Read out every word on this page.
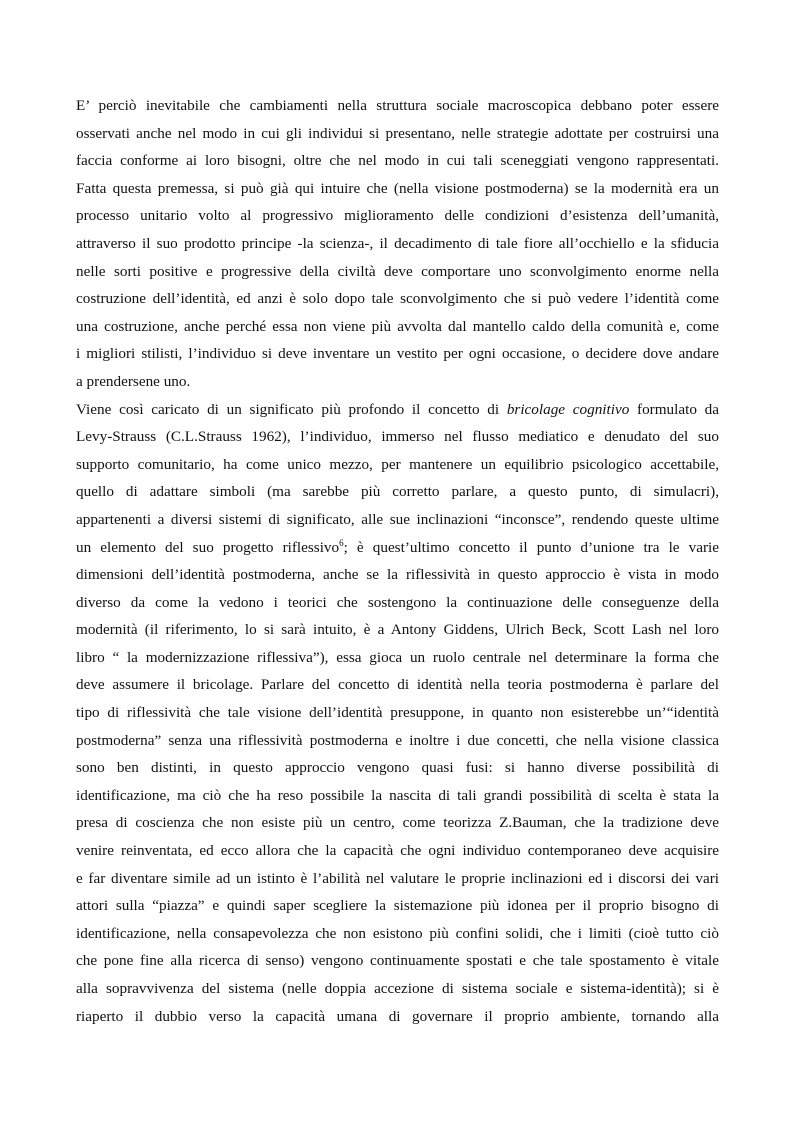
E’ perciò inevitabile che cambiamenti nella struttura sociale macroscopica debbano poter essere
osservati anche nel modo in cui gli individui si presentano, nelle strategie adottate per costruirsi una
faccia conforme ai loro bisogni, oltre che nel modo in cui tali sceneggiati vengono rappresentati.
Fatta questa premessa, si può già qui intuire che (nella visione postmoderna) se la modernità era un
processo unitario volto al progressivo miglioramento delle condizioni d’esistenza dell’umanità,
attraverso il suo prodotto principe -la scienza-, il decadimento di tale fiore all’occhiello e la sfiducia
nelle sorti positive e progressive della civiltà deve comportare uno sconvolgimento enorme nella
costruzione dell’identità, ed anzi è solo dopo tale sconvolgimento che si può vedere l’identità come
una costruzione, anche perché essa non viene più avvolta dal mantello caldo della comunità e, come
i migliori stilisti, l’individuo si deve inventare un vestito per ogni occasione, o decidere dove andare
a prendersene uno.
Viene così caricato di un significato più profondo il concetto di bricolage cognitivo formulato da
Levy-Strauss (C.L.Strauss 1962), l’individuo, immerso nel flusso mediatico e denudato del suo
supporto comunitario, ha come unico mezzo, per mantenere un equilibrio psicologico accettabile,
quello di adattare simboli (ma sarebbe più corretto parlare, a questo punto, di simulacri),
appartenenti a diversi sistemi di significato, alle sue inclinazioni “inconsce”, rendendo queste ultime
un elemento del suo progetto riflessivo$^6$; è quest’ultimo concetto il punto d’unione tra le varie
dimensioni dell’identità postmoderna, anche se la riflessività in questo approccio è vista in modo
diverso da come la vedono i teorici che sostengono la continuazione delle conseguenze della
modernità (il riferimento, lo si sarà intuito, è a Antony Giddens, Ulrich Beck, Scott Lash nel loro
libro “ la modernizzazione riflessiva”), essa gioca un ruolo centrale nel determinare la forma che
deve assumere il bricolage. Parlare del concetto di identità nella teoria postmoderna è parlare del
tipo di riflessività che tale visione dell’identità presuppone, in quanto non esisterebbe un’“identità
postmoderna” senza una riflessività postmoderna e inoltre i due concetti, che nella visione classica
sono ben distinti, in questo approccio vengono quasi fusi: si hanno diverse possibilità di
identificazione, ma ciò che ha reso possibile la nascita di tali grandi possibilità di scelta è stata la
presa di coscienza che non esiste più un centro, come teorizza Z.Bauman, che la tradizione deve
venire reinventata, ed ecco allora che la capacità che ogni individuo contemporaneo deve acquisire
e far diventare simile ad un istinto è l’abilità nel valutare le proprie inclinazioni ed i discorsi dei vari
attori sulla “piazza” e quindi saper scegliere la sistemazione più idonea per il proprio bisogno di
identificazione, nella consapevolezza che non esistono più confini solidi, che i limiti (cioè tutto ciò
che pone fine alla ricerca di senso) vengono continuamente spostati e che tale spostamento è vitale
alla sopravvivenza del sistema (nelle doppia accezione di sistema sociale e sistema-identità); si è
riaperto il dubbio verso la capacità umana di governare il proprio ambiente, tornando alla
